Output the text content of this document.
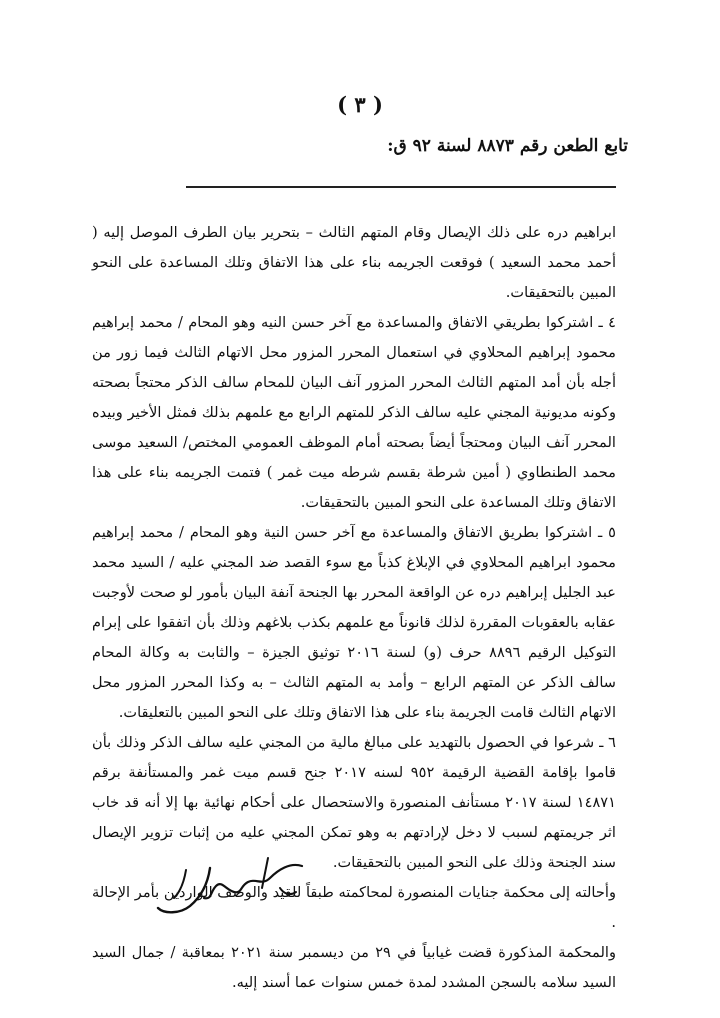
( ٣ )
تابع الطعن رقم ٨٨٧٣ لسنة ٩٢ ق:

ابراهيم دره على ذلك الإيصال وقام المتهم الثالث – بتحرير بيان الطرف الموصل إليه ( أحمد محمد السعيد ) فوقعت الجريمه بناء على هذا الاتفاق وتلك المساعدة على النحو المبين بالتحقيقات.

٤ ـ اشتركوا بطريقي الاتفاق والمساعدة مع آخر حسن النيه وهو المحام / محمد إبراهيم محمود إبراهيم المحلاوي في استعمال المحرر المزور محل الاتهام الثالث فيما زور من أجله بأن أمد المتهم الثالث المحرر المزور آنف البيان للمحام سالف الذكر محتجاً بصحته وكونه مديونية المجني عليه سالف الذكر للمتهم الرابع مع علمهم بذلك فمثل الأخير وبيده المحرر آنف البيان ومحتجاً أيضاً بصحته أمام الموظف العمومي المختص/ السعيد موسى محمد الطنطاوي ( أمين شرطة بقسم شرطه ميت غمر ) فتمت الجريمه بناء على هذا الاتفاق وتلك المساعدة على النحو المبين بالتحقيقات.

٥ ـ اشتركوا بطريق الاتفاق والمساعدة مع آخر حسن النية وهو المحام / محمد إبراهيم محمود ابراهيم المحلاوي في الإبلاغ كذباً مع سوء القصد ضد المجني عليه / السيد محمد عبد الجليل إبراهيم دره عن الواقعة المحرر بها الجنحة آنفة البيان بأمور لو صحت لأوجبت عقابه بالعقوبات المقررة لذلك قانوناً مع علمهم بكذب بلاغهم وذلك بأن اتفقوا على إبرام التوكيل الرقيم ٨٨٩٦ حرف (و) لسنة ٢٠١٦ توثيق الجيزة – والثابت به وكالة المحام سالف الذكر عن المتهم الرابع – وأمد به المتهم الثالث – به وكذا المحرر المزور محل الاتهام الثالث قامت الجريمة بناء على هذا الاتفاق وتلك على النحو المبين بالتعليقات.

٦ ـ شرعوا في الحصول بالتهديد على مبالغ مالية من المجني عليه سالف الذكر وذلك بأن قاموا بإقامة القضية الرقيمة ٩٥٢ لسنه ٢٠١٧ جنح قسم ميت غمر والمستأنفة برقم ١٤٨٧١ لسنة ٢٠١٧ مستأنف المنصورة والاستحصال على أحكام نهائية بها إلا أنه قد خاب اثر جريمتهم لسبب لا دخل لإرادتهم به وهو تمكن المجني عليه من إثبات تزوير الإيصال سند الجنحة وذلك على النحو المبين بالتحقيقات.

وأحالته إلى محكمة جنايات المنصورة لمحاكمته طبقاً للقيد والوصف الواردين بأمر الإحالة .

والمحكمة المذكورة قضت غيابياً في ٢٩ من ديسمبر سنة ٢٠٢١ بمعاقبة / جمال السيد السيد سلامه بالسجن المشدد لمدة خمس سنوات عما أسند إليه.
